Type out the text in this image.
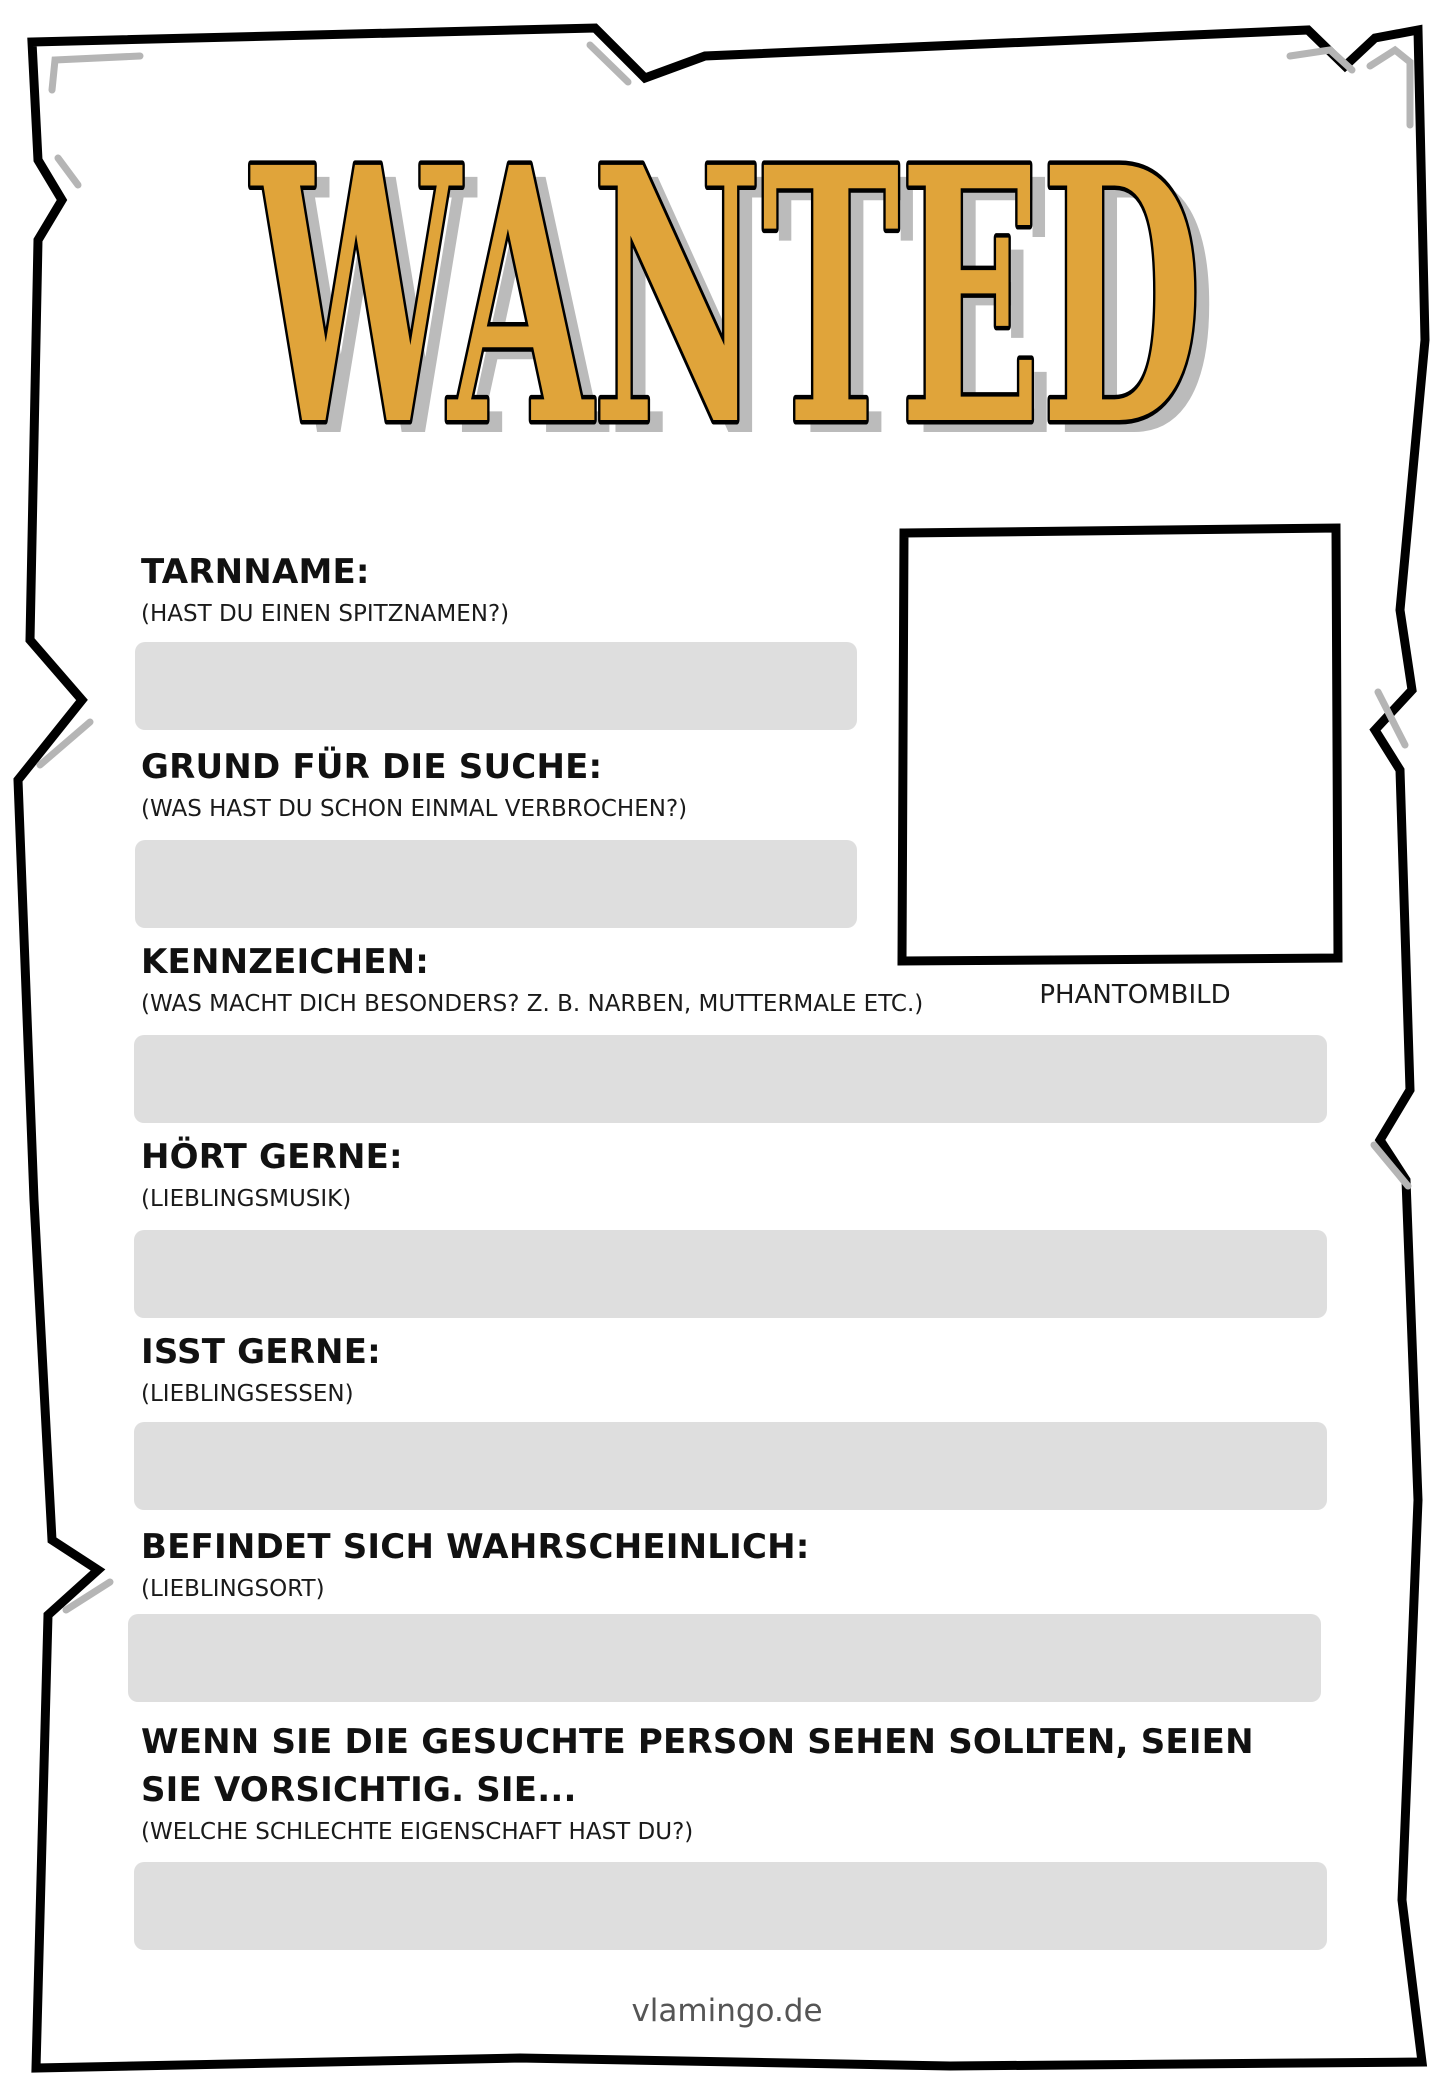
WANTED
WANTED
TARNNAME:
(HAST DU EINEN SPITZNAMEN?)
GRUND FÜR DIE SUCHE:
(WAS HAST DU SCHON EINMAL VERBROCHEN?)
PHANTOMBILD
KENNZEICHEN:
(WAS MACHT DICH BESONDERS? Z. B. NARBEN, MUTTERMALE ETC.)
HÖRT GERNE:
(LIEBLINGSMUSIK)
ISST GERNE:
(LIEBLINGSESSEN)
BEFINDET SICH WAHRSCHEINLICH:
(LIEBLINGSORT)
WENN SIE DIE GESUCHTE PERSON SEHEN SOLLTEN, SEIEN
SIE VORSICHTIG. SIE...
(WELCHE SCHLECHTE EIGENSCHAFT HAST DU?)
vlamingo.de
